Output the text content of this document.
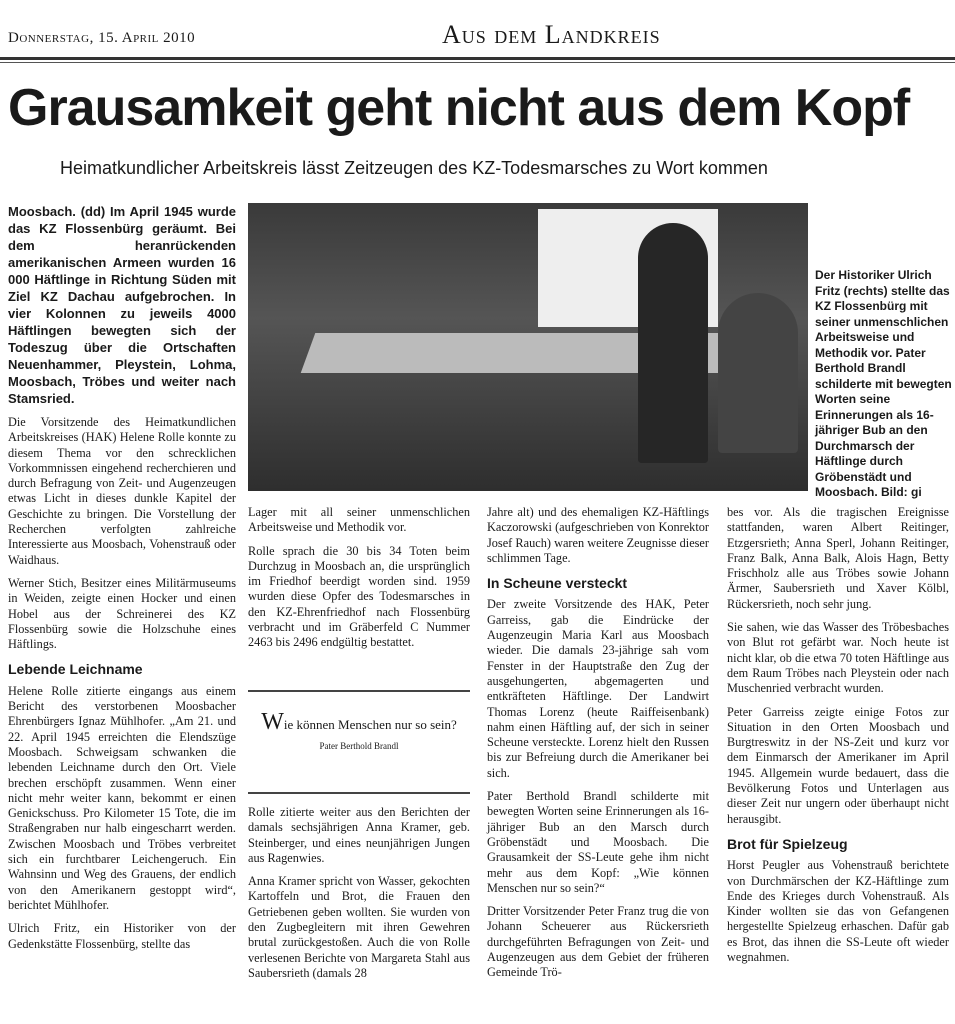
Donnerstag, 15. April 2010	Aus dem Landkreis
Grausamkeit geht nicht aus dem Kopf
Heimatkundlicher Arbeitskreis lässt Zeitzeugen des KZ-Todesmarsches zu Wort kommen

Moosbach. (dd) Im April 1945 wurde das KZ Flossenbürg geräumt. Bei dem heranrückenden amerikanischen Armeen wurden 16 000 Häftlinge in Richtung Süden mit Ziel KZ Dachau aufgebrochen. In vier Kolonnen zu jeweils 4000 Häftlingen bewegten sich der Todeszug über die Ortschaften Neuenhammer, Pleystein, Lohma, Moosbach, Tröbes und weiter nach Stamsried.

Die Vorsitzende des Heimatkundlichen Arbeitskreises (HAK) Helene Rolle konnte zu diesem Thema vor den schrecklichen Vorkommnissen eingehend recherchieren und durch Befragung von Zeit- und Augenzeugen etwas Licht in dieses dunkle Kapitel der Geschichte zu bringen. Die Vorstellung der Recherchen verfolgten zahlreiche Interessierte aus Moosbach, Vohenstrauß oder Waidhaus.

Werner Stich, Besitzer eines Militärmuseums in Weiden, zeigte einen Hocker und einen Hobel aus der Schreinerei des KZ Flossenbürg sowie die Holzschuhe eines Häftlings.

Lebende Leichname

Helene Rolle zitierte eingangs aus einem Bericht des verstorbenen Moosbacher Ehrenbürgers Ignaz Mühlhofer. „Am 21. und 22. April 1945 erreichten die Elendszüge Moosbach. Schweigsam schwanken die lebenden Leichname durch den Ort. Viele brechen erschöpft zusammen. Wenn einer nicht mehr weiter kann, bekommt er einen Genickschuss. Pro Kilometer 15 Tote, die im Straßengraben nur halb eingescharrt werden. Zwischen Moosbach und Tröbes verbreitet sich ein furchtbarer Leichengeruch. Ein Wahnsinn und Weg des Grauens, der endlich von den Amerikanern gestoppt wird“, berichtet Mühlhofer.

Ulrich Fritz, ein Historiker von der Gedenkstätte Flossenbürg, stellte das

Der Historiker Ulrich Fritz (rechts) stellte das KZ Flossenbürg mit seiner unmenschlichen Arbeitsweise und Methodik vor. Pater Berthold Brandl schilderte mit bewegten Worten seine Erinnerungen als 16-jähriger Bub an den Durchmarsch der Häftlinge durch Gröbenstädt und Moosbach. Bild: gi

Lager mit all seiner unmenschlichen Arbeitsweise und Methodik vor.

Rolle sprach die 30 bis 34 Toten beim Durchzug in Moosbach an, die ursprünglich im Friedhof beerdigt worden sind. 1959 wurden diese Opfer des Todesmarsches in den KZ-Ehrenfriedhof nach Flossenbürg verbracht und im Gräberfeld C Nummer 2463 bis 2496 endgültig bestattet.

Wie können Menschen nur so sein?
Pater Berthold Brandl

Rolle zitierte weiter aus den Berichten der damals sechsjährigen Anna Kramer, geb. Steinberger, und eines neunjährigen Jungen aus Ragenwies.

Anna Kramer spricht von Wasser, gekochten Kartoffeln und Brot, die Frauen den Getriebenen geben wollten. Sie wurden von den Zugbegleitern mit ihren Gewehren brutal zurückgestoßen. Auch die von Rolle verlesenen Berichte von Margareta Stahl aus Saubersrieth (damals 28

Jahre alt) und des ehemaligen KZ-Häftlings Kaczorowski (aufgeschrieben von Konrektor Josef Rauch) waren weitere Zeugnisse dieser schlimmen Tage.

In Scheune versteckt

Der zweite Vorsitzende des HAK, Peter Garreiss, gab die Eindrücke der Augenzeugin Maria Karl aus Moosbach wieder. Die damals 23-jährige sah vom Fenster in der Hauptstraße den Zug der ausgehungerten, abgemagerten und entkräfteten Häftlinge. Der Landwirt Thomas Lorenz (heute Raiffeisenbank) nahm einen Häftling auf, der sich in seiner Scheune versteckte. Lorenz hielt den Russen bis zur Befreiung durch die Amerikaner bei sich.

Pater Berthold Brandl schilderte mit bewegten Worten seine Erinnerungen als 16-jähriger Bub an den Marsch durch Gröbenstädt und Moosbach. Die Grausamkeit der SS-Leute gehe ihm nicht mehr aus dem Kopf: „Wie können Menschen nur so sein?“

Dritter Vorsitzender Peter Franz trug die von Johann Scheuerer aus Rückersrieth durchgeführten Befragungen von Zeit- und Augenzeugen aus dem Gebiet der früheren Gemeinde Trö-

bes vor. Als die tragischen Ereignisse stattfanden, waren Albert Reitinger, Etzgersrieth; Anna Sperl, Johann Reitinger, Franz Balk, Anna Balk, Alois Hagn, Betty Frischholz alle aus Tröbes sowie Johann Ärmer, Saubersrieth und Xaver Kölbl, Rückersrieth, noch sehr jung.

Sie sahen, wie das Wasser des Tröbesbaches von Blut rot gefärbt war. Noch heute ist nicht klar, ob die etwa 70 toten Häftlinge aus dem Raum Tröbes nach Pleystein oder nach Muschenried verbracht wurden.

Peter Garreiss zeigte einige Fotos zur Situation in den Orten Moosbach und Burgtreswitz in der NS-Zeit und kurz vor dem Einmarsch der Amerikaner im April 1945. Allgemein wurde bedauert, dass die Bevölkerung Fotos und Unterlagen aus dieser Zeit nur ungern oder überhaupt nicht herausgibt.

Brot für Spielzeug

Horst Peugler aus Vohenstrauß berichtete von Durchmärschen der KZ-Häftlinge zum Ende des Krieges durch Vohenstrauß. Als Kinder wollten sie das von Gefangenen hergestellte Spielzeug erhaschen. Dafür gab es Brot, das ihnen die SS-Leute oft wieder wegnahmen.
